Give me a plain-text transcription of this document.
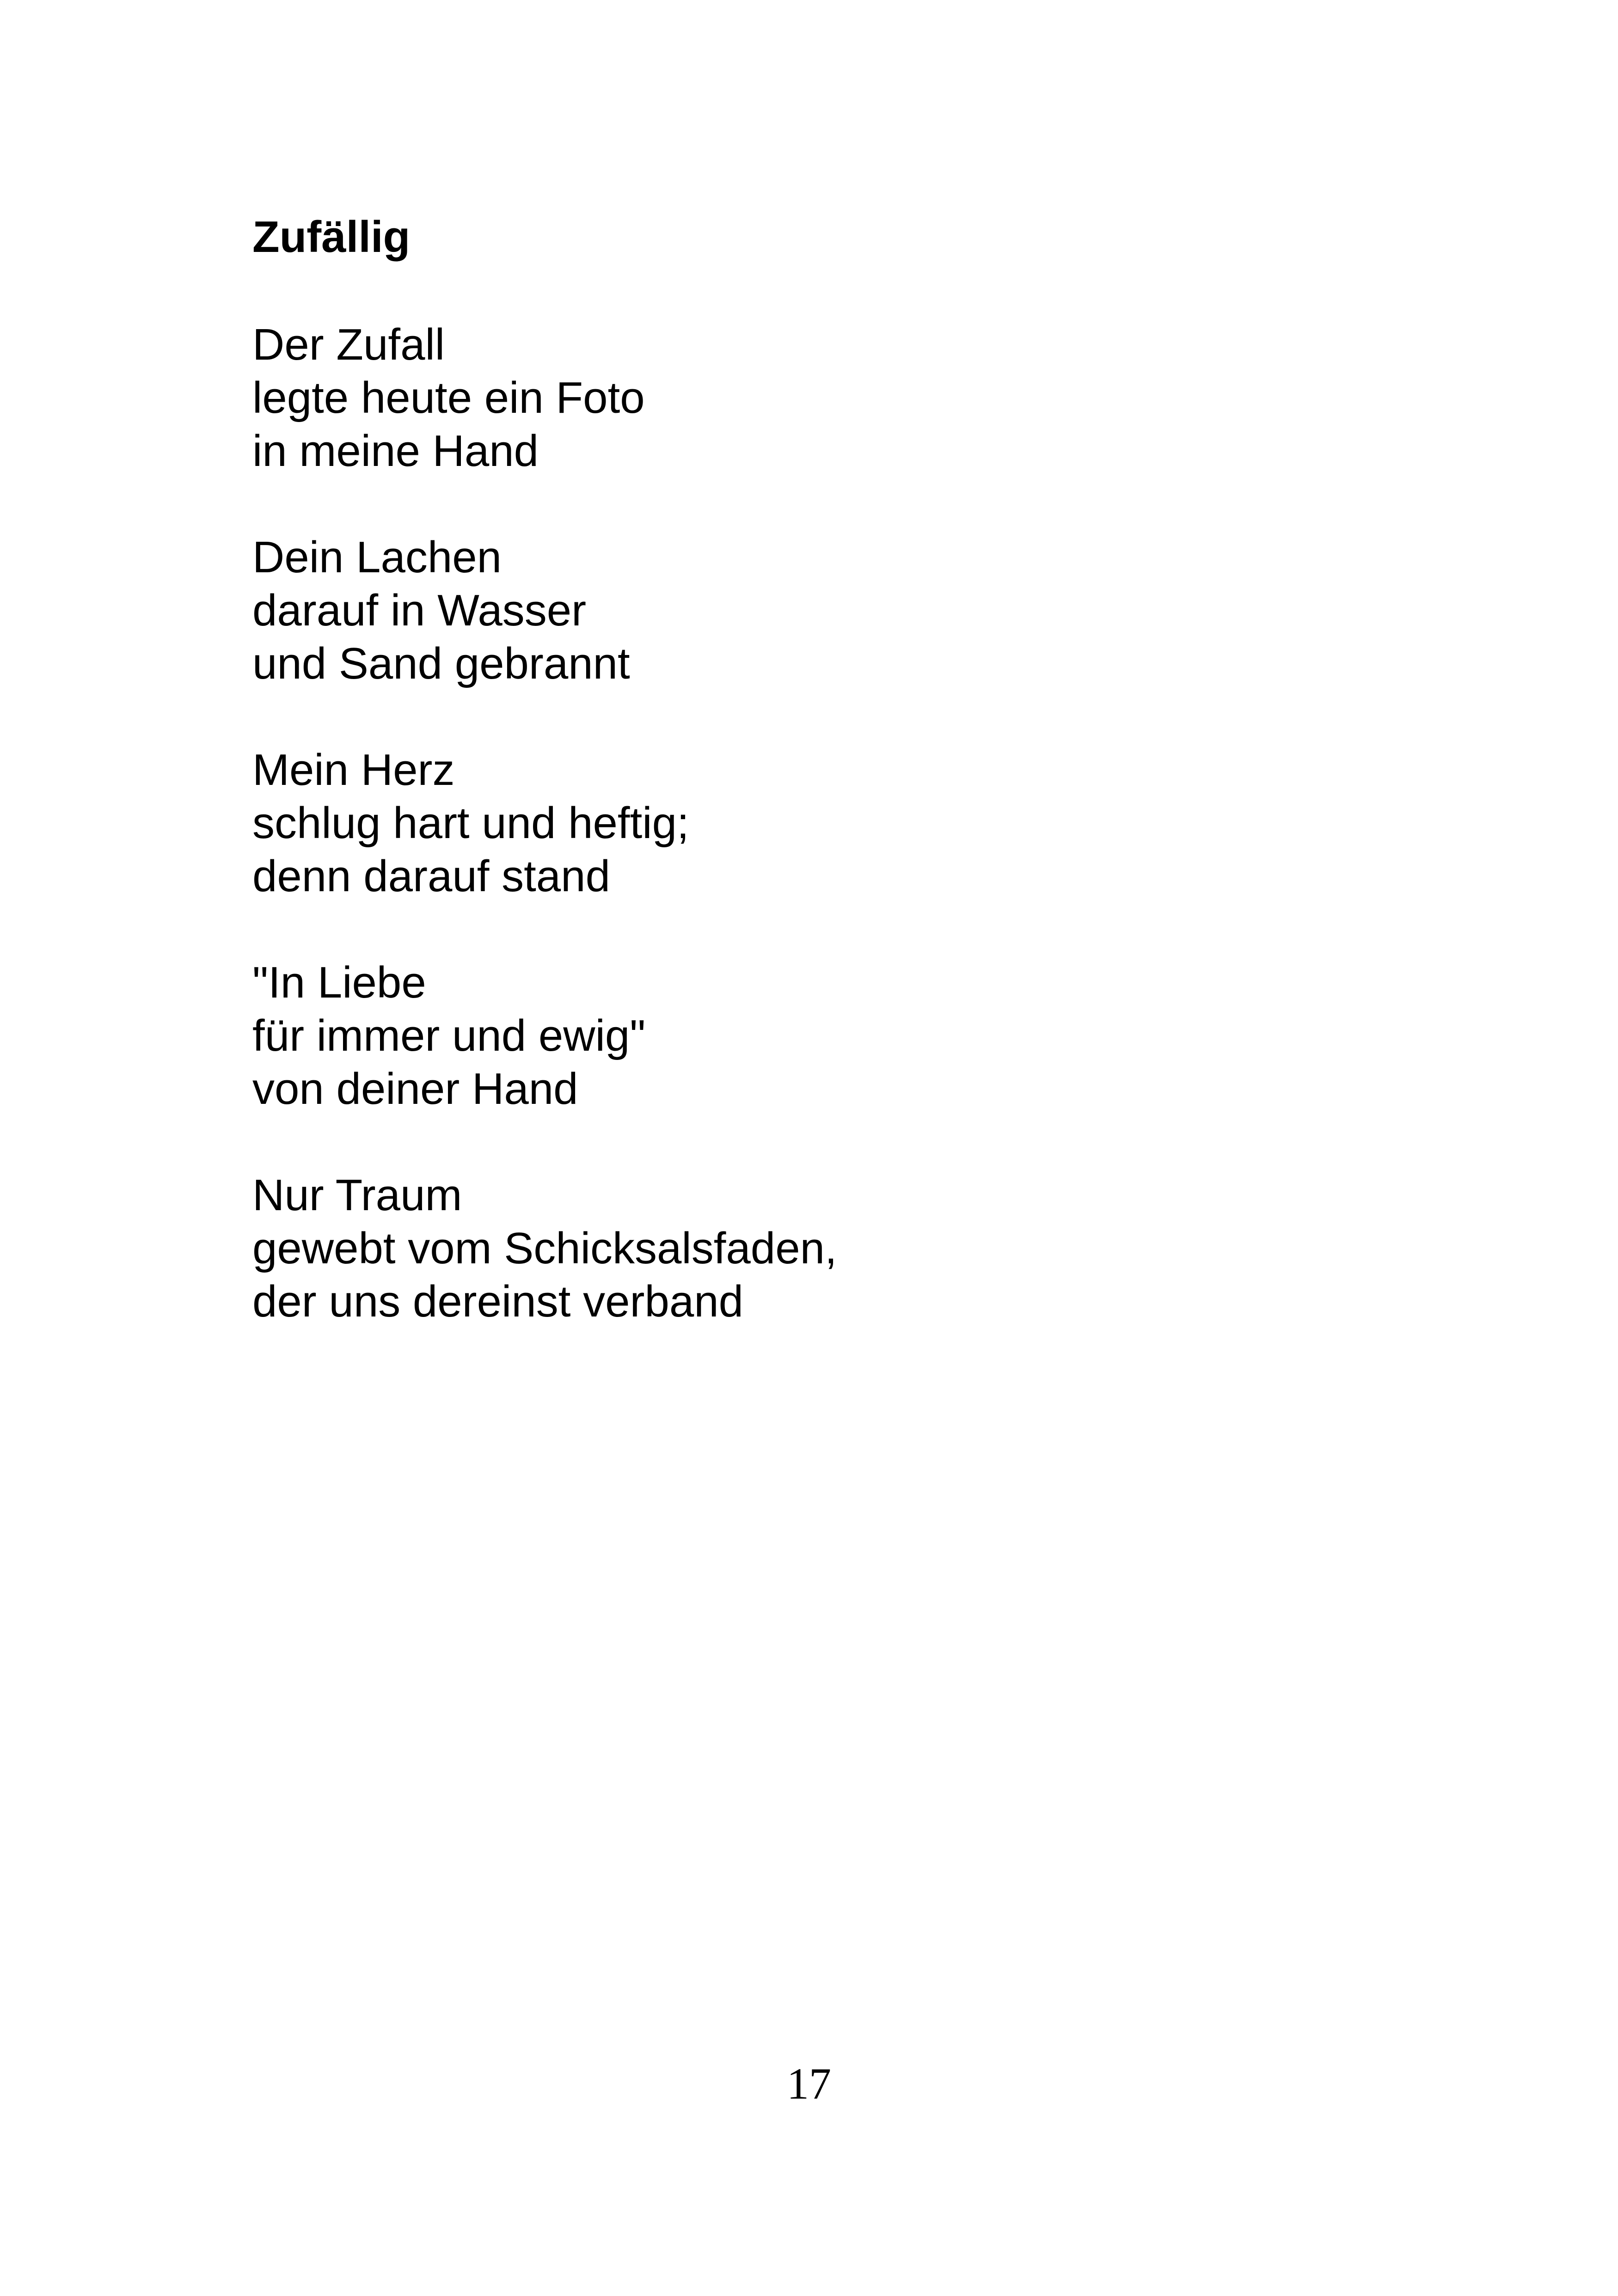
Zufällig

Der Zufall
legte heute ein Foto
in meine Hand

Dein Lachen
darauf in Wasser
und Sand gebrannt

Mein Herz
schlug hart und heftig;
denn darauf stand

"In Liebe
für immer und ewig"
von deiner Hand

Nur Traum
gewebt vom Schicksalsfaden,
der uns dereinst verband

17
